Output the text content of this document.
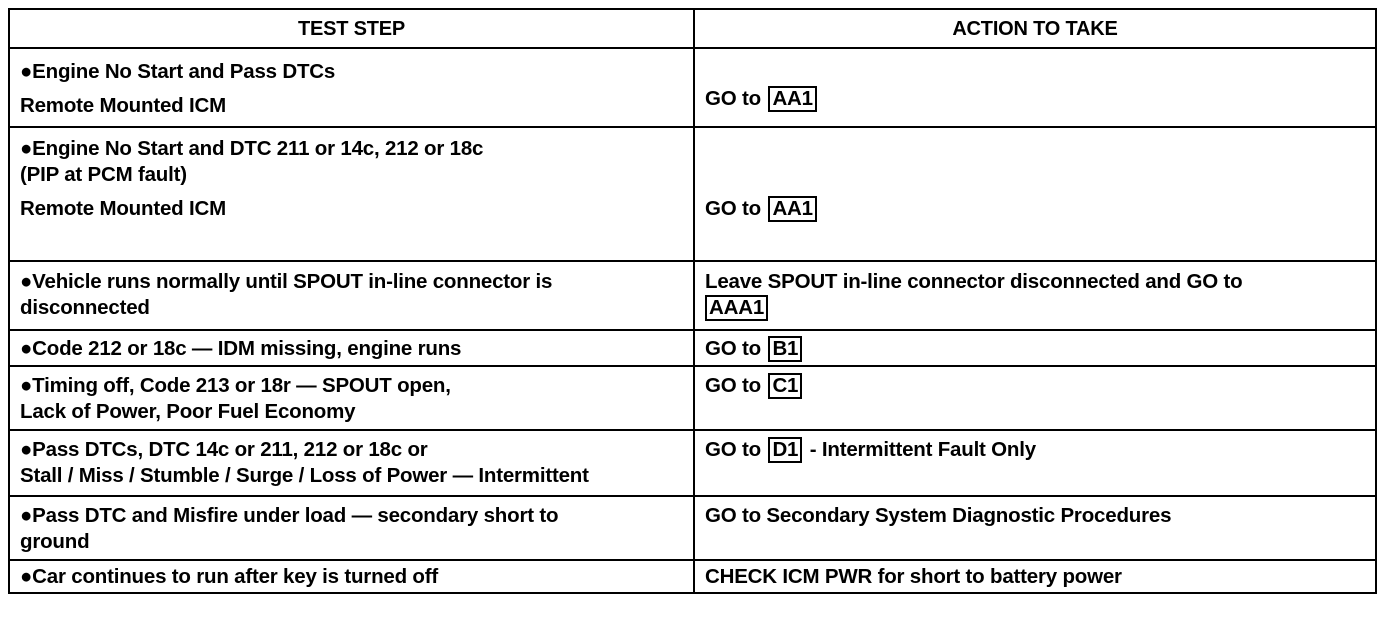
TEST STEP	ACTION TO TAKE

●Engine No Start and Pass DTCs
Remote Mounted ICM	GO to AA1

●Engine No Start and DTC 211 or 14c, 212 or 18c
(PIP at PCM fault)
Remote Mounted ICM	GO to AA1

●Vehicle runs normally until SPOUT in-line connector is
disconnected	Leave SPOUT in-line connector disconnected and GO to
AAA1

●Code 212 or 18c — IDM missing, engine runs	GO to B1

●Timing off, Code 213 or 18r — SPOUT open,
Lack of Power, Poor Fuel Economy	GO to C1

●Pass DTCs, DTC 14c or 211, 212 or 18c or
Stall / Miss / Stumble / Surge / Loss of Power — Intermittent	GO to D1 - Intermittent Fault Only

●Pass DTC and Misfire under load — secondary short to
ground	GO to Secondary System Diagnostic Procedures

●Car continues to run after key is turned off	CHECK ICM PWR for short to battery power
